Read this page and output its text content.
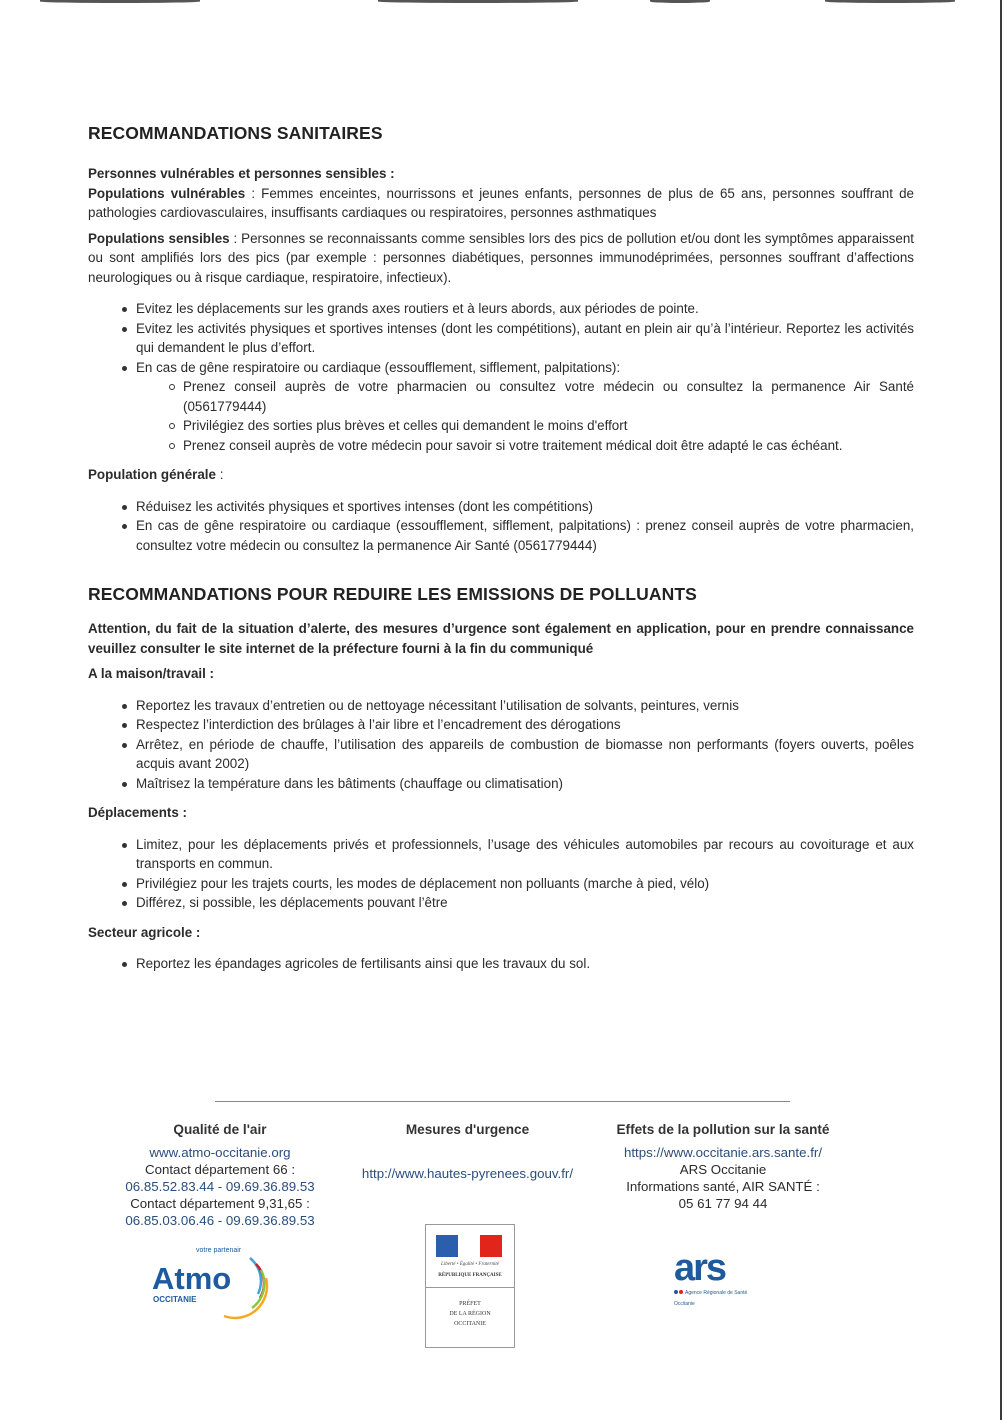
RECOMMANDATIONS SANITAIRES

Personnes vulnérables et personnes sensibles :

Populations vulnérables : Femmes enceintes, nourrissons et jeunes enfants, personnes de plus de 65 ans, personnes souffrant de pathologies cardiovasculaires, insuffisants cardiaques ou respiratoires, personnes asthmatiques

Populations sensibles : Personnes se reconnaissants comme sensibles lors des pics de pollution et/ou dont les symptômes apparaissent ou sont amplifiés lors des pics (par exemple : personnes diabétiques, personnes immunodéprimées, personnes souffrant d’affections neurologiques ou à risque cardiaque, respiratoire, infectieux).

Evitez les déplacements sur les grands axes routiers et à leurs abords, aux périodes de pointe.
Evitez les activités physiques et sportives intenses (dont les compétitions), autant en plein air qu’à l’intérieur. Reportez les activités qui demandent le plus d’effort.
En cas de gêne respiratoire ou cardiaque (essoufflement, sifflement, palpitations):
Prenez conseil auprès de votre pharmacien ou consultez votre médecin ou consultez la permanence Air Santé (0561779444)
Privilégiez des sorties plus brèves et celles qui demandent le moins d'effort
Prenez conseil auprès de votre médecin pour savoir si votre traitement médical doit être adapté le cas échéant.

Population générale :

Réduisez les activités physiques et sportives intenses (dont les compétitions)
En cas de gêne respiratoire ou cardiaque (essoufflement, sifflement, palpitations) : prenez conseil auprès de votre pharmacien, consultez votre médecin ou consultez la permanence Air Santé (0561779444)
RECOMMANDATIONS POUR REDUIRE LES EMISSIONS DE POLLUANTS

Attention, du fait de la situation d’alerte, des mesures d’urgence sont également en application, pour en prendre connaissance veuillez consulter le site internet de la préfecture fourni à la fin du communiqué

A la maison/travail :

Reportez les travaux d’entretien ou de nettoyage nécessitant l’utilisation de solvants, peintures, vernis
Respectez l’interdiction des brûlages à l’air libre et l’encadrement des dérogations
Arrêtez, en période de chauffe, l’utilisation des appareils de combustion de biomasse non performants (foyers ouverts, poêles acquis avant 2002)
Maîtrisez la température dans les bâtiments (chauffage ou climatisation)

Déplacements :

Limitez, pour les déplacements privés et professionnels, l’usage des véhicules automobiles par recours au covoiturage et aux transports en commun.
Privilégiez pour les trajets courts, les modes de déplacement non polluants (marche à pied, vélo)
Différez, si possible, les déplacements pouvant l’être

Secteur agricole :

Reportez les épandages agricoles de fertilisants ainsi que les travaux du sol.
Qualité de l'air
www.atmo-occitanie.org
Contact département 66 :
06.85.52.83.44 - 09.69.36.89.53
Contact département 9,31,65 :
06.85.03.06.46 - 09.69.36.89.53
Mesures d'urgence
http://www.hautes-pyrenees.gouv.fr/
Effets de la pollution sur la santé
https://www.occitanie.ars.sante.fr/
ARS Occitanie
Informations santé, AIR SANTÉ :
05 61 77 94 44
votre partenair
Atmo
OCCITANIE
Liberté • Égalité • Fraternité
RÉPUBLIQUE FRANÇAISE
PRÉFET
DE LA RÉGION
OCCITANIE
ars
Agence Régionale de Santé
Occitanie
